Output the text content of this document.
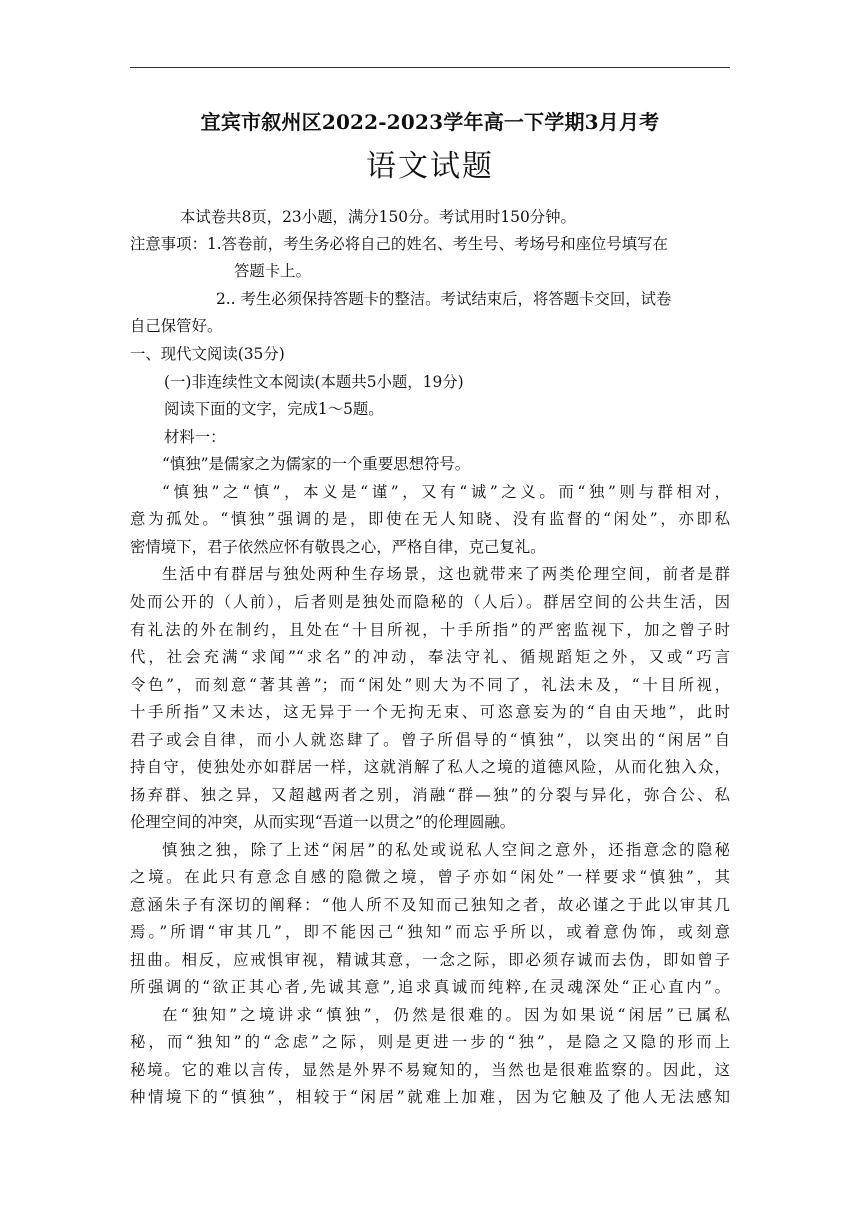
宜宾市叙州区2022-2023学年高一下学期3月月考
语文试题
本试卷共8页，23小题，满分150分。考试用时150分钟。
注意事项：1.答卷前，考生务必将自己的姓名、考生号、考场号和座位号填写在
答题卡上。
2.. 考生必须保持答题卡的整洁。考试结束后，将答题卡交回，试卷
自己保管好。
一、现代文阅读(35分)
(一)非连续性文本阅读(本题共5小题，19分)
阅读下面的文字，完成1～5题。
材料一：
“慎独”是儒家之为儒家的一个重要思想符号。
“慎独”之“慎”，本义是“谨”，又有“诚”之义。而“独”则与群相对，
意为孤处。“慎独”强调的是，即使在无人知晓、没有监督的“闲处”，亦即私
密情境下，君子依然应怀有敬畏之心，严格自律，克己复礼。
生活中有群居与独处两种生存场景，这也就带来了两类伦理空间，前者是群
处而公开的（人前），后者则是独处而隐秘的（人后）。群居空间的公共生活，因
有礼法的外在制约，且处在“十目所视，十手所指”的严密监视下，加之曾子时
代，社会充满“求闻”“求名”的冲动，奉法守礼、循规蹈矩之外，又或“巧言
令色”，而刻意“著其善”；而“闲处”则大为不同了，礼法未及，“十目所视，
十手所指”又未达，这无异于一个无拘无束、可恣意妄为的“自由天地”，此时
君子或会自律，而小人就恣肆了。曾子所倡导的“慎独”，以突出的“闲居”自
持自守，使独处亦如群居一样，这就消解了私人之境的道德风险，从而化独入众，
扬弃群、独之异，又超越两者之别，消融“群—独”的分裂与异化，弥合公、私
伦理空间的冲突，从而实现“吾道一以贯之”的伦理圆融。
慎独之独，除了上述“闲居”的私处或说私人空间之意外，还指意念的隐秘
之境。在此只有意念自感的隐微之境，曾子亦如“闲处”一样要求“慎独”，其
意涵朱子有深切的阐释：“他人所不及知而己独知之者，故必谨之于此以审其几
焉。”所谓“审其几”，即不能因己“独知”而忘乎所以，或着意伪饰，或刻意
扭曲。相反，应戒惧审视，精诚其意，一念之际，即必须存诚而去伪，即如曾子
所强调的“欲正其心者,先诚其意”,追求真诚而纯粹,在灵魂深处“正心直内”。
在“独知”之境讲求“慎独”，仍然是很难的。因为如果说“闲居”已属私
秘，而“独知”的“念虑”之际，则是更进一步的“独”，是隐之又隐的形而上
秘境。它的难以言传，显然是外界不易窥知的，当然也是很难监察的。因此，这
种情境下的“慎独”，相较于“闲居”就难上加难，因为它触及了他人无法感知
